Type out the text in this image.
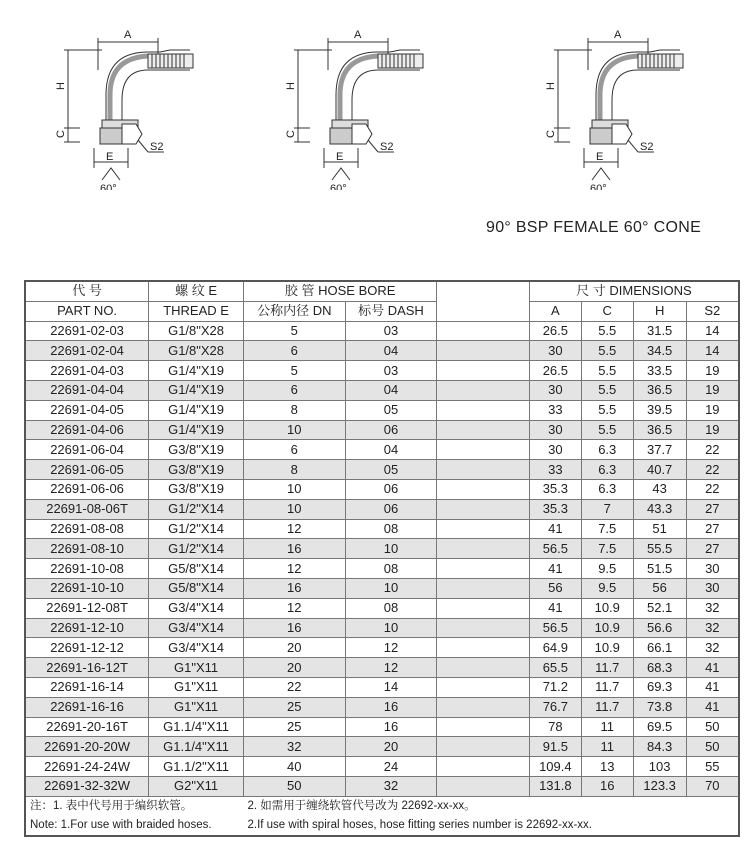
A
H
C
E
S2
60°
A
H
C
E
S2
60°
A
H
C
E
S2
60°
90° BSP FEMALE 60° CONE
代 号	螺 纹 E	胶 管 HOSE BORE			尺 寸 DIMENSIONS			
PART NO.	THREAD E	公称内径 DN	标号 DASH		A	C	H	S2
22691-02-03	G1/8"X28	5	03		26.5	5.5	31.5	14
22691-02-04	G1/8"X28	6	04		30	5.5	34.5	14
22691-04-03	G1/4"X19	5	03		26.5	5.5	33.5	19
22691-04-04	G1/4"X19	6	04		30	5.5	36.5	19
22691-04-05	G1/4"X19	8	05		33	5.5	39.5	19
22691-04-06	G1/4"X19	10	06		30	5.5	36.5	19
22691-06-04	G3/8"X19	6	04		30	6.3	37.7	22
22691-06-05	G3/8"X19	8	05		33	6.3	40.7	22
22691-06-06	G3/8"X19	10	06		35.3	6.3	43	22
22691-08-06T	G1/2"X14	10	06		35.3	7	43.3	27
22691-08-08	G1/2"X14	12	08		41	7.5	51	27
22691-08-10	G1/2"X14	16	10		56.5	7.5	55.5	27
22691-10-08	G5/8"X14	12	08		41	9.5	51.5	30
22691-10-10	G5/8"X14	16	10		56	9.5	56	30
22691-12-08T	G3/4"X14	12	08		41	10.9	52.1	32
22691-12-10	G3/4"X14	16	10		56.5	10.9	56.6	32
22691-12-12	G3/4"X14	20	12		64.9	10.9	66.1	32
22691-16-12T	G1"X11	20	12		65.5	11.7	68.3	41
22691-16-14	G1"X11	22	14		71.2	11.7	69.3	41
22691-16-16	G1"X11	25	16		76.7	11.7	73.8	41
22691-20-16T	G1.1/4"X11	25	16		78	11	69.5	50
22691-20-20W	G1.1/4"X11	32	20		91.5	11	84.3	50
22691-24-24W	G1.1/2"X11	40	24		109.4	13	103	55
22691-32-32W	G2"X11	50	32		131.8	16	123.3	70
注：1. 表中代号用于编织软管。		2. 如需用于缠绕软管代号改为 22692-xx-xx。						
Note: 1.For use with braided hoses.		2.If use with spiral hoses, hose fitting series number is 22692-xx-xx.						
